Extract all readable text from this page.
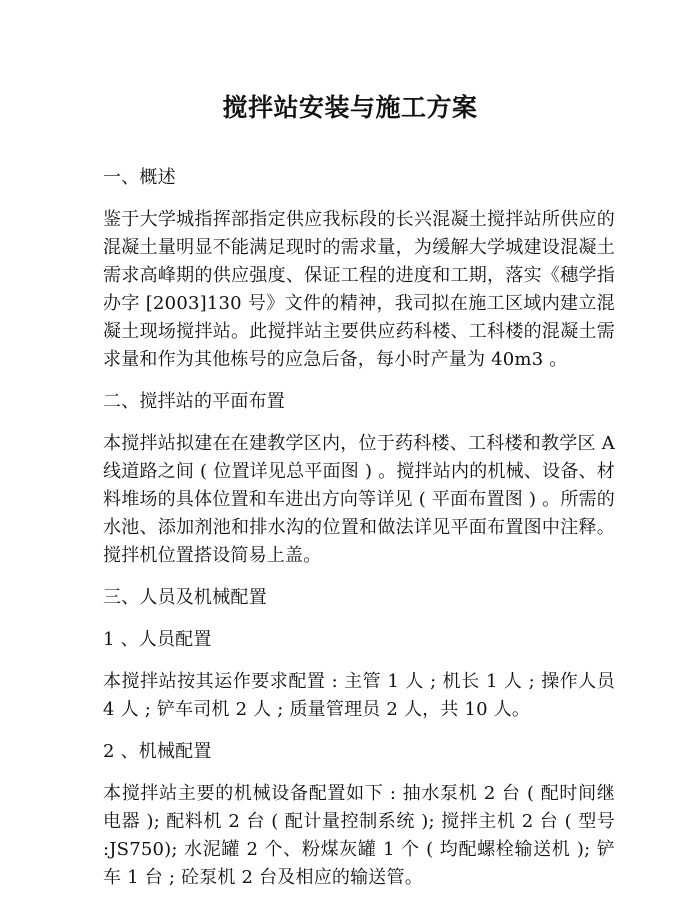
搅拌站安装与施工方案

一、概述

鉴于大学城指挥部指定供应我标段的长兴混凝土搅拌站所供应的混凝土量明显不能满足现时的需求量，为缓解大学城建设混凝土需求高峰期的供应强度、保证工程的进度和工期，落实《穗学指办字 [2003]130 号》文件的精神，我司拟在施工区域内建立混凝土现场搅拌站。此搅拌站主要供应药科楼、工科楼的混凝土需求量和作为其他栋号的应急后备，每小时产量为 40m3 。

二、搅拌站的平面布置

本搅拌站拟建在在建教学区内，位于药科楼、工科楼和教学区 A 线道路之间 ( 位置详见总平面图 ) 。搅拌站内的机械、设备、材料堆场的具体位置和车进出方向等详见 ( 平面布置图 ) 。所需的水池、添加剂池和排水沟的位置和做法详见平面布置图中注释。搅拌机位置搭设简易上盖。

三、人员及机械配置

1 、人员配置

本搅拌站按其运作要求配置 : 主管 1 人 ; 机长 1 人 ; 操作人员 4 人 ; 铲车司机 2 人 ; 质量管理员 2 人，共 10 人。

2 、机械配置

本搅拌站主要的机械设备配置如下 : 抽水泵机 2 台 ( 配时间继电器 ); 配料机 2 台 ( 配计量控制系统 ); 搅拌主机 2 台 ( 型号 :JS750); 水泥罐 2 个、粉煤灰罐 1 个 ( 均配螺栓输送机 ); 铲车 1 台 ; 砼泵机 2 台及相应的输送管。
